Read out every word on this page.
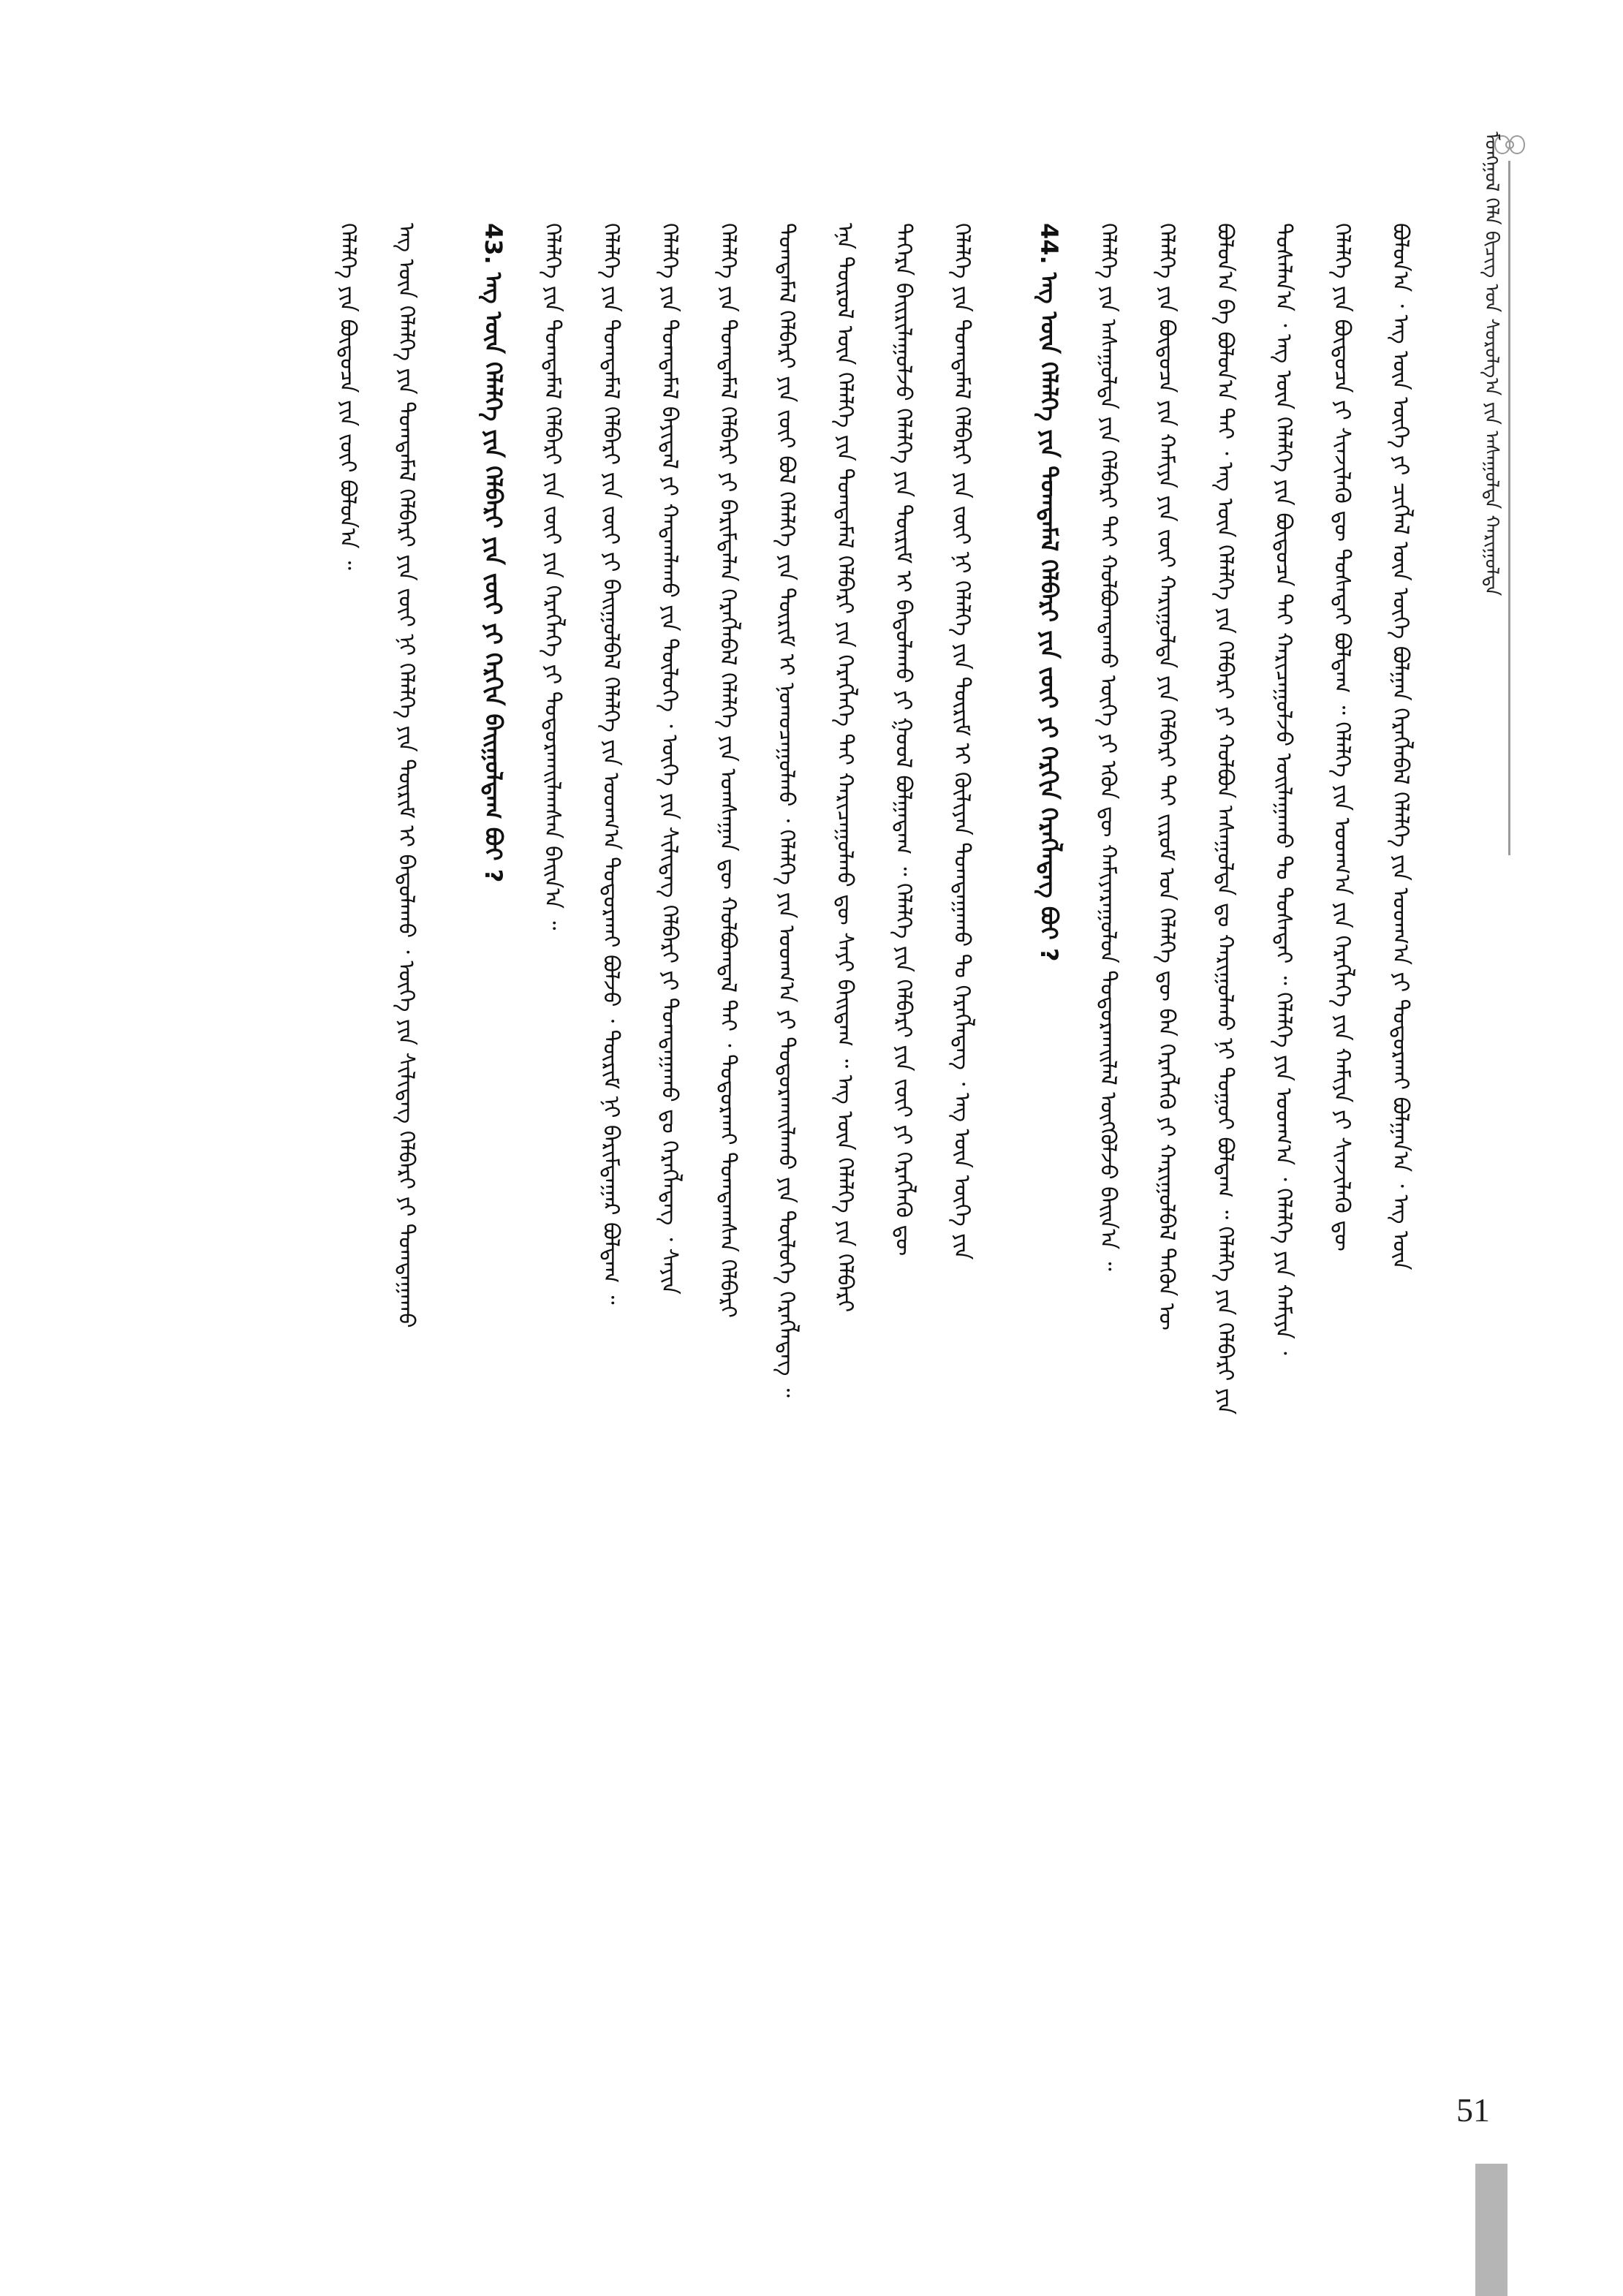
ᠮᠣᠩᠭᠣᠯ ᠬᠡᠯᠡ ᠪᠢᠴᠢᠭ᠌ ᠤᠨ ᠰᠤᠷᠤᠯᠭ᠎ᠠ ᠶᠢᠨ ᠠᠰᠠᠭᠤᠯᠲᠠ ᠬᠠᠷᠢᠭᠤᠯᠲᠠ
ᠪᠣᠯᠤᠨ᠎ᠠ ᠂ ᠡᠩ ᠦᠨ ᠦᠭᠡ ᠶᠢ ᠴᠢᠭᠯᠡᠯ ᠦᠨ ᠦᠭᠡ ᠪᠣᠯᠭᠠᠨ ᠬᠡᠷᠡᠭᠯᠡᠪᠡᠯ ᠬᠡᠯᠡᠯᠭᠡ ᠶᠢᠨ ᠤᠳᠬ᠎ᠠ ᠶᠢ ᠲᠣᠳᠤᠷᠬᠠᠢ ᠪᠣᠯᠭᠠᠨ᠎ᠠ ᠂ ᠡᠩ ᠦᠨ
ᠬᠡᠯᠡᠯᠭᠡ ᠶᠢᠨ ᠪᠦᠲᠦᠴᠡ ᠶᠢ ᠰᠢᠨᠵᠢᠯᠡᠬᠦ ᠳᠦ ᠲᠤᠰᠠᠲᠠᠢ ᠪᠣᠯᠳᠠᠭ ᠃ ᠬᠡᠯᠡᠯᠭᠡ ᠶᠢᠨ ᠤᠳᠬ᠎ᠠ ᠶᠢᠨ ᠬᠡᠷᠡᠭᠯᠡᠭᠡ ᠶᠢᠨ ᠬᠠᠮᠢᠶᠠ ᠶᠢ ᠰᠢᠨᠵᠢᠯᠡᠬᠦ ᠳᠦ
ᠲᠤᠰᠠᠯᠠᠨ᠎ᠠ ᠂ ᠡᠩ ᠦᠨ ᠬᠡᠯᠡᠯᠭᠡ ᠶᠢᠨ ᠪᠦᠲᠦᠴᠡ ᠲᠠᠢ ᠬᠠᠷᠢᠴᠠᠭᠤᠯᠵᠤ ᠣᠢᠯᠠᠭᠠᠬᠤ ᠲᠤ ᠲᠤᠰᠠᠲᠠᠢ ᠃ ᠬᠡᠯᠡᠯᠭᠡ ᠶᠢᠨ ᠤᠳᠬ᠎ᠠ ᠂ ᠬᠡᠯᠡᠯᠭᠡ ᠶᠢᠨ ᠬᠠᠮᠢᠶᠠ ᠂
ᠪᠣᠯᠤᠨ᠎ᠠ ᠪᠠ ᠪᠣᠯᠤᠨ᠎ᠠ ᠲᠠᠢ ᠂ ᠡᠩ ᠦᠨ ᠬᠡᠯᠡᠯᠭᠡ ᠶᠢᠨ ᠬᠡᠯᠪᠡᠷᠢ ᠶᠢ ᠬᠣᠯᠪᠣᠨ ᠠᠰᠠᠭᠤᠯᠲᠠ ᠳᠤ ᠬᠠᠷᠢᠭᠤᠯᠬᠤ ᠨᠢ ᠳᠤᠭᠤᠢ ᠪᠣᠯᠳᠠᠭ ᠃ ᠬᠡᠯᠡᠯᠭᠡ ᠶᠢᠨ ᠬᠡᠯᠪᠡᠷᠢ ᠶᠢᠨ
ᠬᠡᠯᠡᠯᠭᠡ ᠶᠢᠨ ᠪᠦᠲᠦᠴᠡ ᠶᠢᠨ ᠬᠠᠮᠢᠶᠠ ᠶᠢᠨ ᠵᠦᠢ ᠬᠠᠷᠢᠭᠤᠯᠲᠠ ᠶᠢᠨ ᠬᠡᠯᠪᠡᠷᠢ ᠲᠡᠢ ᠵᠢᠷᠤᠮ ᠤᠨ ᠬᠡᠯᠡᠯᠭᠡ ᠳᠦ ᠪᠡᠨ ᠬᠡᠷᠡᠭᠯᠡᠬᠦ ᠶᠢ ᠬᠠᠷᠢᠭᠤᠯᠪᠠᠯ ᠲᠡᠭᠦᠨ ᠦ
ᠬᠡᠯᠡᠯᠭᠡ ᠶᠢᠨ ᠠᠰᠠᠭᠤᠯᠲᠠ ᠶᠢᠨ ᠬᠡᠯᠪᠡᠷᠢ ᠲᠡᠢ ᠬᠣᠯᠪᠣᠭᠳᠠᠬᠤ ᠦᠭᠡ ᠶᠢ ᠡᠭᠦᠨ ᠳᠦ ᠬᠠᠮᠢᠶᠠᠷᠠᠭᠤᠯᠤᠨ ᠲᠣᠳᠤᠷᠬᠠᠢᠯᠠᠯ ᠦᠭᠭᠦᠯᠵᠦ ᠪᠠᠢᠨ᠎ᠠ ᠃
44. ᠡᠩ ᠦᠨ ᠬᠡᠯᠡᠯᠭᠡ ᠶᠢᠨ ᠲᠣᠭᠲᠠᠮᠠᠯ ᠬᠡᠯᠪᠡᠷᠢ ᠶᠢᠨ ᠵᠦᠢ ᠶᠢ ᠬᠡᠷᠬᠢᠨ ᠬᠡᠷᠡᠭᠯᠡᠳᠡᠭ ᠪᠤᠢ ?
ᠬᠡᠯᠡᠯᠭᠡ ᠶᠢᠨ ᠲᠣᠭᠲᠠᠮᠠᠯ ᠬᠡᠯᠪᠡᠷᠢ ᠶᠢᠨ ᠵᠦᠢ ᠨᠢ ᠬᠡᠯᠡᠯᠭᠡ ᠶᠢᠨ ᠳᠦᠷᠢᠮ ᠢ ᠬᠦᠯᠢᠶᠡᠨ ᠲᠣᠭᠲᠠᠭᠠᠬᠤ ᠲᠤ ᠬᠡᠷᠡᠭᠯᠡᠳᠡᠭ ᠂ ᠡᠩ ᠦᠨ ᠦᠭᠡ ᠶᠢᠨ
ᠳᠡᠭᠡᠷᠡ ᠪᠠᠢᠷᠢᠯᠠᠭᠤᠯᠵᠤ ᠬᠡᠯᠡᠯᠭᠡ ᠶᠢᠨ ᠳᠦᠷᠢᠮ ᠢ ᠪᠠᠲᠤᠯᠠᠬᠤ ᠶᠢ ᠭᠣᠣᠯ ᠪᠣᠯᠭᠠᠳᠠᠭ ᠃ ᠬᠡᠯᠡᠯᠭᠡ ᠶᠢᠨ ᠬᠡᠯᠪᠡᠷᠢ ᠶᠢᠨ ᠵᠦᠢ ᠶᠢ ᠬᠡᠷᠡᠭᠯᠡᠬᠦ ᠳᠦ
ᠡᠨᠡ ᠲᠥᠷᠥᠯ ᠦᠨ ᠬᠡᠯᠡᠯᠭᠡ ᠶᠢᠨ ᠲᠣᠭᠲᠠᠮᠠᠯ ᠬᠡᠯᠪᠡᠷᠢ ᠶᠢᠨ ᠬᠡᠷᠡᠭᠯᠡᠭᠡ ᠲᠡᠢ ᠬᠠᠷᠢᠴᠠᠭᠤᠯᠬᠤ ᠳᠦ ᠰᠠᠶᠢ ᠪᠠᠢᠳᠠᠭ ᠃ ᠡᠩ ᠦᠨ ᠬᠡᠯᠡᠯᠭᠡ ᠶᠢᠨ ᠬᠡᠯᠪᠡᠷᠢ
ᠲᠣᠭᠲᠠᠮᠠᠯ ᠬᠡᠯᠪᠡᠷᠢ ᠶᠢᠨ ᠵᠦᠢ ᠪᠣᠯ ᠬᠡᠯᠡᠯᠭᠡ ᠶᠢᠨ ᠳᠦᠷᠢᠮ ᠢ ᠨᠣᠬᠣᠴᠠᠭᠤᠯᠬᠤ ᠂ ᠬᠡᠯᠡᠯᠭᠡ ᠶᠢᠨ ᠤᠳᠬ᠎ᠠ ᠶᠢ ᠲᠣᠳᠤᠷᠬᠠᠢᠯᠠᠬᠤ ᠶᠢᠨ ᠲᠥᠯᠥᠭᠡ ᠬᠡᠷᠡᠭᠯᠡᠳᠡᠭ ᠃
ᠬᠡᠯᠡᠯᠭᠡ ᠶᠢᠨ ᠲᠣᠭᠲᠠᠮᠠᠯ ᠬᠡᠯᠪᠡᠷᠢ ᠶᠢ ᠪᠠᠷᠢᠮᠲᠠᠯᠠᠨ ᠬᠡᠷᠡᠭᠯᠡᠪᠡᠯ ᠬᠡᠯᠡᠯᠭᠡ ᠶᠢᠨ ᠤᠭᠰᠠᠭᠠᠨ ᠳᠦ ᠬᠣᠯᠪᠣᠭᠳᠠᠯ ᠲᠡᠢ ᠂ ᠲᠣᠳᠤᠷᠬᠠᠢ ᠲᠣᠭᠲᠠᠭᠰᠠᠨ ᠬᠡᠯᠪᠡᠷᠢ
ᠬᠡᠯᠡᠯᠭᠡ ᠶᠢᠨ ᠲᠣᠭᠲᠠᠮᠠᠯ ᠪᠠᠶᠢᠳᠠᠯ ᠶᠢ ᠬᠠᠳᠠᠭᠯᠠᠬᠤ ᠶᠢᠨ ᠲᠥᠯᠥᠭᠡ ᠂ ᠦᠭᠡ ᠶᠢᠨ ᠰᠢᠯᠢᠳᠡᠭ ᠬᠡᠯᠪᠡᠷᠢ ᠶᠢ ᠲᠣᠭᠲᠠᠭᠠᠬᠤ ᠳᠤ ᠬᠡᠷᠡᠭᠯᠡᠳᠡᠭ ᠂ ᠰᠠᠶᠢᠨ
ᠬᠡᠯᠡᠯᠭᠡ ᠶᠢᠨ ᠲᠣᠭᠲᠠᠮᠠᠯ ᠬᠡᠯᠪᠡᠷᠢ ᠶᠢᠨ ᠵᠦᠢ ᠶᠢ ᠪᠠᠢᠭᠤᠯᠪᠠᠯ ᠬᠡᠯᠡᠯᠭᠡ ᠶᠢᠨ ᠤᠳᠬ᠎ᠠ ᠲᠣᠳᠤᠷᠬᠠᠢ ᠪᠣᠯᠵᠤ ᠂ ᠳᠦᠷᠢᠮ ᠨᠢ ᠪᠠᠷᠢᠮᠲᠠᠭᠠᠷ ᠪᠣᠯᠳᠠᠭ ᠃
ᠬᠡᠯᠡᠯᠭᠡ ᠶᠢᠨ ᠲᠣᠭᠲᠠᠮᠠᠯ ᠬᠡᠯᠪᠡᠷᠢ ᠶᠢᠨ ᠵᠦᠢ ᠶᠢᠨ ᠬᠡᠷᠡᠭᠯᠡᠭᠡ ᠶᠢ ᠲᠣᠳᠤᠷᠬᠠᠢᠯᠠᠭᠰᠠᠨ ᠪᠠᠢᠨ᠎ᠠ ᠃
43. ᠡᠩ ᠦᠨ ᠬᠡᠯᠡᠯᠭᠡ ᠶᠢᠨ ᠬᠡᠯᠪᠡᠷᠢ ᠶᠢᠨ ᠵᠦᠢ ᠶᠢ ᠬᠡᠷᠬᠢᠨ ᠪᠠᠢᠭᠤᠯᠳᠠᠭ ᠪᠤᠢ ?
ᠡᠩ ᠦᠨ ᠬᠡᠯᠡᠯᠭᠡ ᠶᠢᠨ ᠲᠣᠭᠲᠠᠮᠠᠯ ᠬᠡᠯᠪᠡᠷᠢ ᠶᠢᠨ ᠵᠦᠢ ᠨᠢ ᠬᠡᠯᠡᠯᠭᠡ ᠶᠢᠨ ᠳᠦᠷᠢᠮ ᠢ ᠪᠠᠲᠤᠯᠠᠬᠤ ᠂ ᠦᠭᠡ ᠶᠢᠨ ᠰᠢᠯᠢᠳᠡᠭ ᠬᠡᠯᠪᠡᠷᠢ ᠶᠢ ᠲᠣᠭᠲᠠᠭᠠᠬᠤ
ᠬᠡᠯᠡᠯᠭᠡ ᠶᠢᠨ ᠪᠦᠲᠦᠴᠡ ᠶᠢᠨ ᠵᠦᠢ ᠪᠣᠯᠤᠨ᠎ᠠ ᠃
51
